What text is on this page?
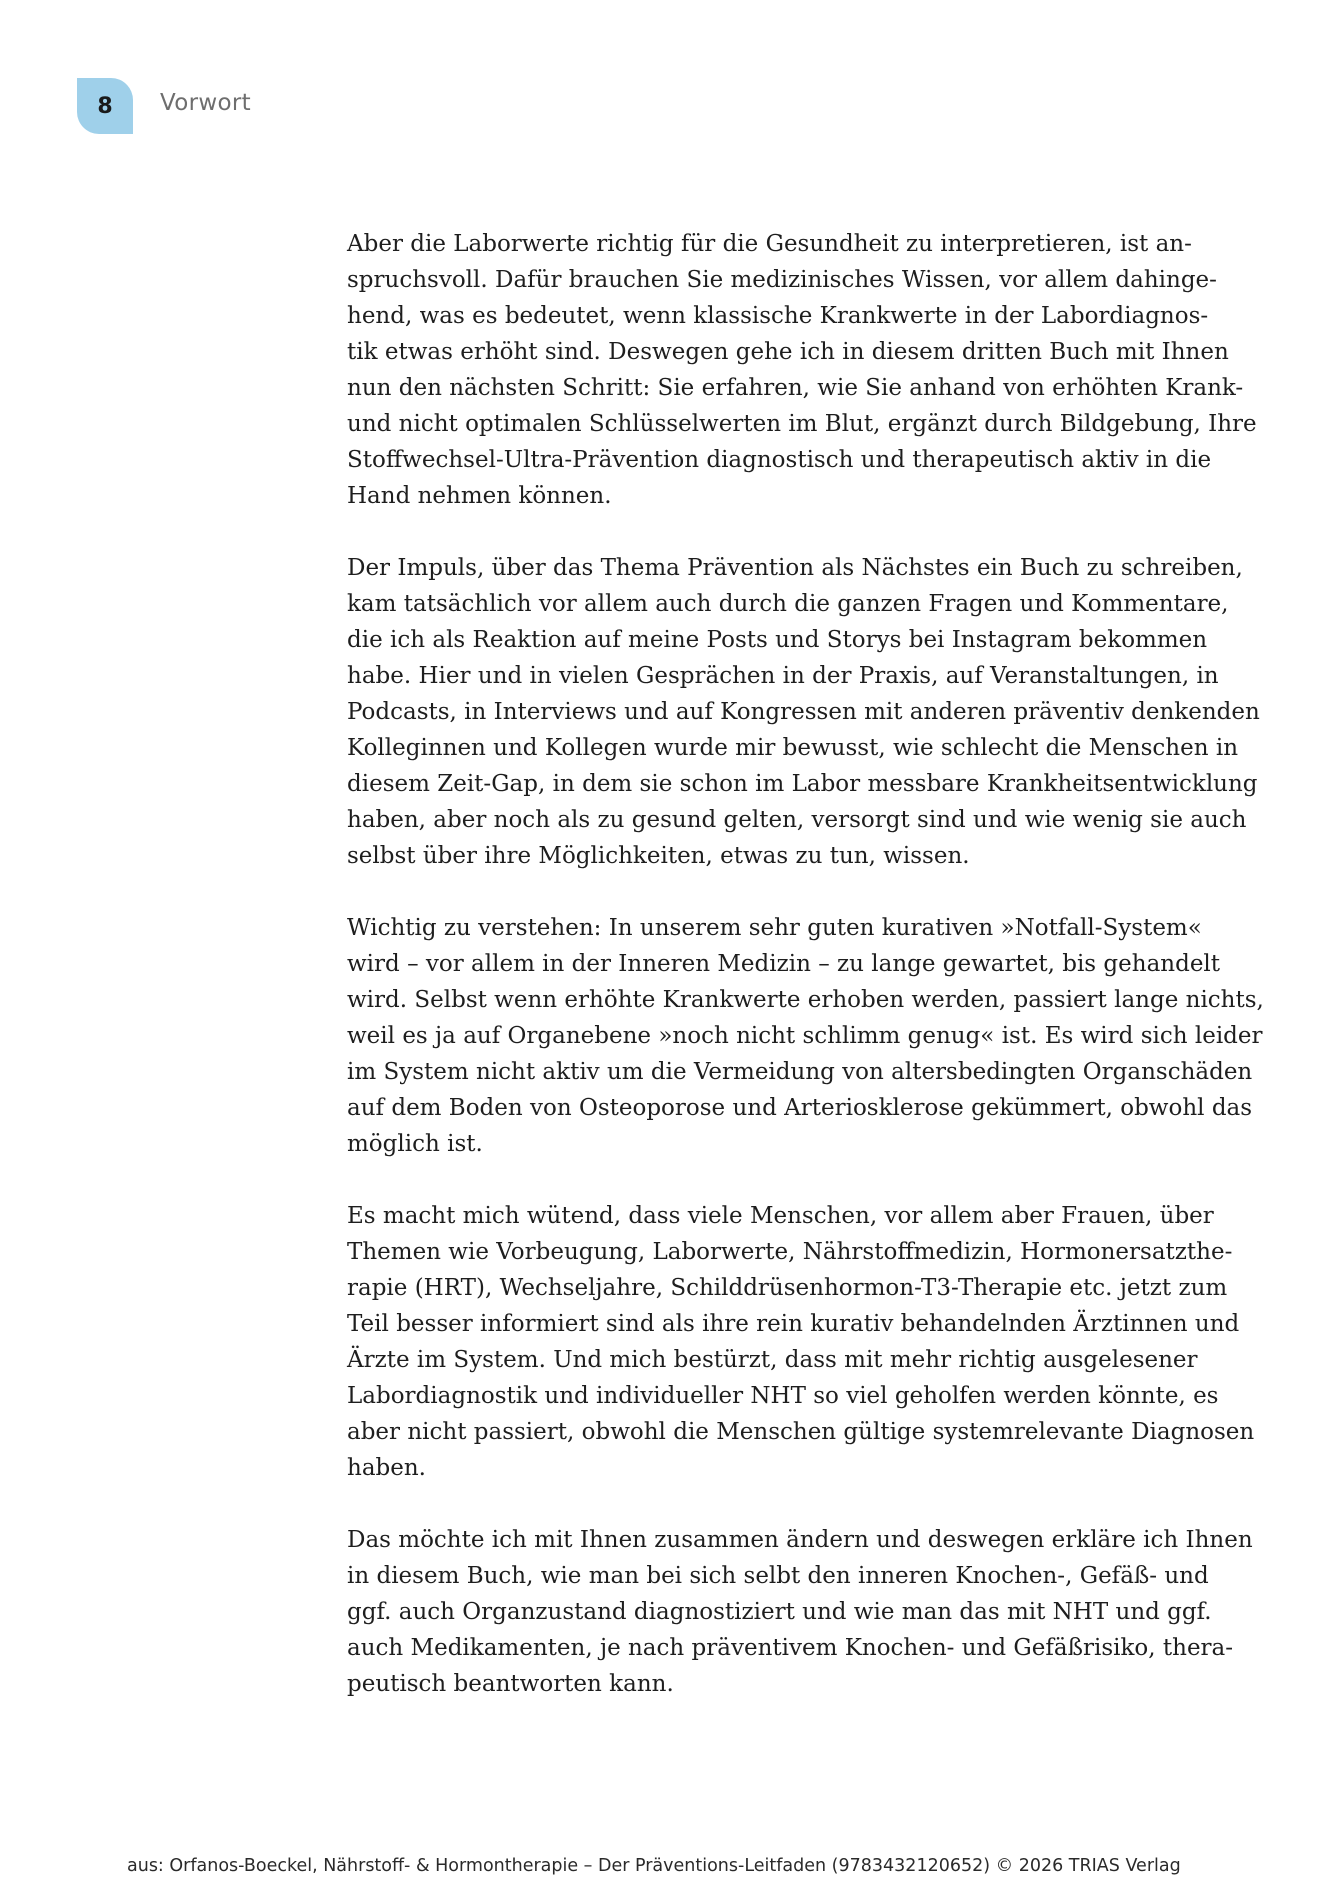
8 Vorwort

Aber die Laborwerte richtig für die Gesundheit zu interpretieren, ist an-
spruchsvoll. Dafür brauchen Sie medizinisches Wissen, vor allem dahinge-
hend, was es bedeutet, wenn klassische Krankwerte in der Labordiagnos-
tik etwas erhöht sind. Deswegen gehe ich in diesem dritten Buch mit Ihnen
nun den nächsten Schritt: Sie erfahren, wie Sie anhand von erhöhten Krank-
und nicht optimalen Schlüsselwerten im Blut, ergänzt durch Bildgebung, Ihre
Stoffwechsel-Ultra-Prävention diagnostisch und therapeutisch aktiv in die
Hand nehmen können.

Der Impuls, über das Thema Prävention als Nächstes ein Buch zu schreiben,
kam tatsächlich vor allem auch durch die ganzen Fragen und Kommentare,
die ich als Reaktion auf meine Posts und Storys bei Instagram bekommen
habe. Hier und in vielen Gesprächen in der Praxis, auf Veranstaltungen, in
Podcasts, in Interviews und auf Kongressen mit anderen präventiv denkenden
Kolleginnen und Kollegen wurde mir bewusst, wie schlecht die Menschen in
diesem Zeit-Gap, in dem sie schon im Labor messbare Krankheitsentwicklung
haben, aber noch als zu gesund gelten, versorgt sind und wie wenig sie auch
selbst über ihre Möglichkeiten, etwas zu tun, wissen.

Wichtig zu verstehen: In unserem sehr guten kurativen »Notfall-System«
wird – vor allem in der Inneren Medizin – zu lange gewartet, bis gehandelt
wird. Selbst wenn erhöhte Krankwerte erhoben werden, passiert lange nichts,
weil es ja auf Organebene »noch nicht schlimm genug« ist. Es wird sich leider
im System nicht aktiv um die Vermeidung von altersbedingten Organschäden
auf dem Boden von Osteoporose und Arteriosklerose gekümmert, obwohl das
möglich ist.

Es macht mich wütend, dass viele Menschen, vor allem aber Frauen, über
Themen wie Vorbeugung, Laborwerte, Nährstoffmedizin, Hormonersatzthe-
rapie (HRT), Wechseljahre, Schilddrüsenhormon-T3-Therapie etc. jetzt zum
Teil besser informiert sind als ihre rein kurativ behandelnden Ärztinnen und
Ärzte im System. Und mich bestürzt, dass mit mehr richtig ausgelesener
Labordiagnostik und individueller NHT so viel geholfen werden könnte, es
aber nicht passiert, obwohl die Menschen gültige systemrelevante Diagnosen
haben.

Das möchte ich mit Ihnen zusammen ändern und deswegen erkläre ich Ihnen
in diesem Buch, wie man bei sich selbt den inneren Knochen-, Gefäß- und
ggf. auch Organzustand diagnostiziert und wie man das mit NHT und ggf.
auch Medikamenten, je nach präventivem Knochen- und Gefäßrisiko, thera-
peutisch beantworten kann.

aus: Orfanos-Boeckel, Nährstoff- & Hormontherapie – Der Präventions-Leitfaden (9783432120652) © 2026 TRIAS Verlag
